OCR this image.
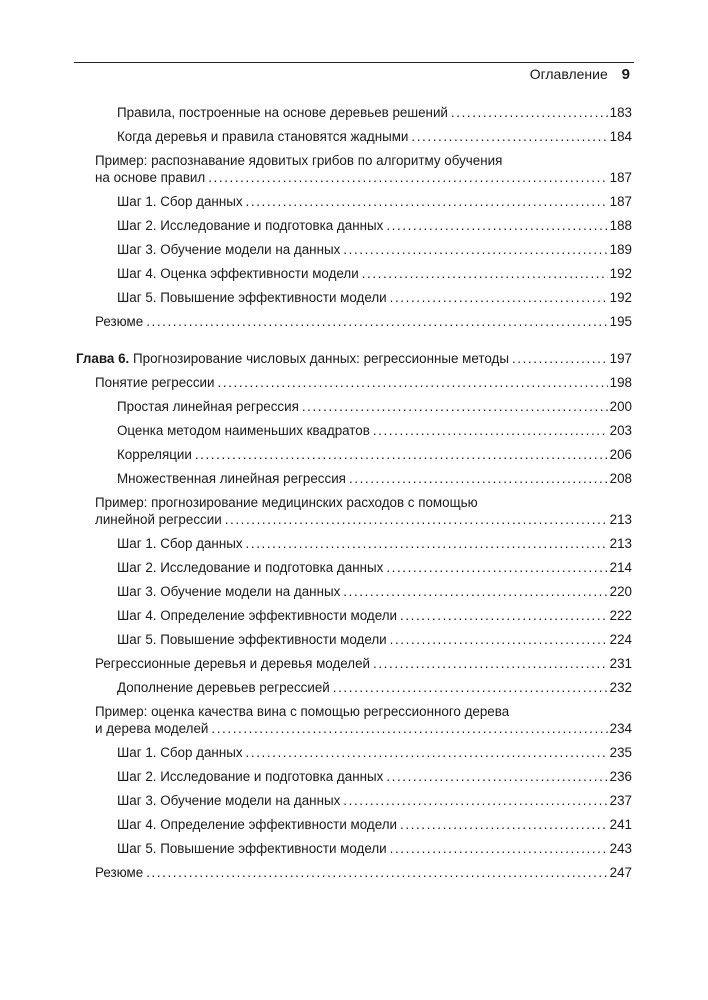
Оглавление 9
Правила, построенные на основе деревьев решений .....	183
Когда деревья и правила становятся жадными .....	184
Пример: распознавание ядовитых грибов по алгоритму обучения
на основе правил .....	187
Шаг 1. Сбор данных .....	187
Шаг 2. Исследование и подготовка данных .....	188
Шаг 3. Обучение модели на данных .....	189
Шаг 4. Оценка эффективности модели .....	192
Шаг 5. Повышение эффективности модели .....	192
Резюме .....	195
Глава 6. Прогнозирование числовых данных: регрессионные методы .....	197
Понятие регрессии .....	198
Простая линейная регрессия .....	200
Оценка методом наименьших квадратов .....	203
Корреляции .....	206
Множественная линейная регрессия .....	208
Пример: прогнозирование медицинских расходов с помощью
линейной регрессии .....	213
Шаг 1. Сбор данных .....	213
Шаг 2. Исследование и подготовка данных .....	214
Шаг 3. Обучение модели на данных .....	220
Шаг 4. Определение эффективности модели .....	222
Шаг 5. Повышение эффективности модели .....	224
Регрессионные деревья и деревья моделей .....	231
Дополнение деревьев регрессией .....	232
Пример: оценка качества вина с помощью регрессионного дерева
и дерева моделей .....	234
Шаг 1. Сбор данных .....	235
Шаг 2. Исследование и подготовка данных .....	236
Шаг 3. Обучение модели на данных .....	237
Шаг 4. Определение эффективности модели .....	241
Шаг 5. Повышение эффективности модели .....	243
Резюме .....	247
